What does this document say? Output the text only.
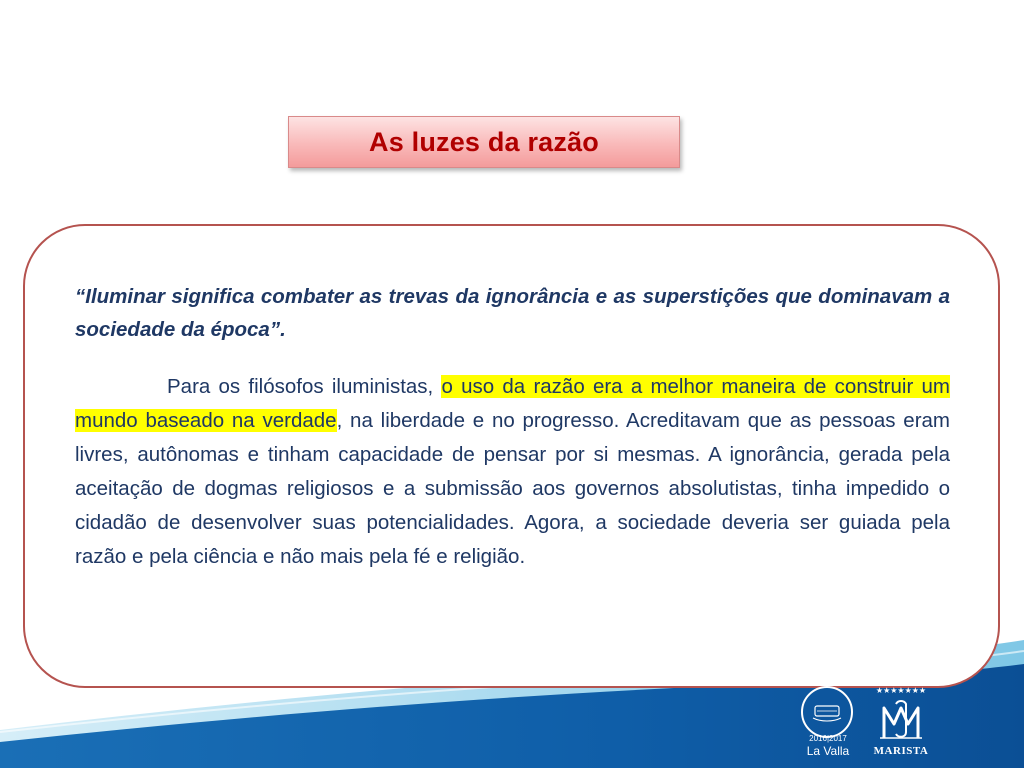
As luzes da razão

“Iluminar significa combater as trevas da ignorância e as superstições que dominavam a sociedade da época”.

Para os filósofos iluministas, o uso da razão era a melhor maneira de construir um mundo baseado na verdade, na liberdade e no progresso. Acreditavam que as pessoas eram livres, autônomas e tinham capacidade de pensar por si mesmas. A ignorância, gerada pela aceitação de dogmas religiosos e a submissão aos governos absolutistas, tinha impedido o cidadão de desenvolver suas potencialidades. Agora, a sociedade deveria ser guiada pela razão e pela ciência e não mais pela fé e religião.

2016|2017
La Valla
★★★★★★★
MARISTA
